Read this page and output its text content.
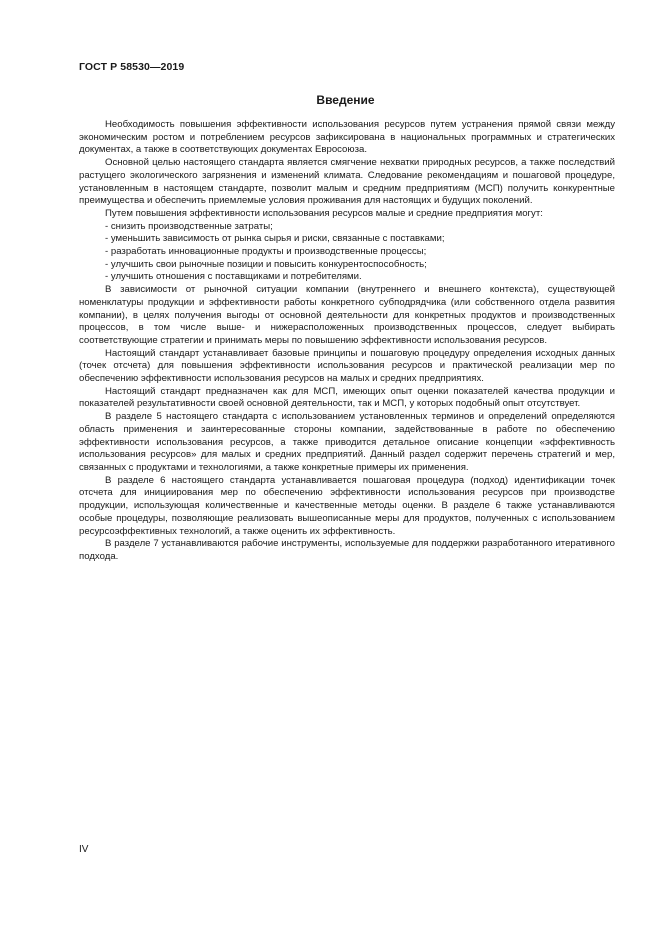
ГОСТ Р 58530—2019
Введение

Необходимость повышения эффективности использования ресурсов путем устранения прямой связи между экономическим ростом и потреблением ресурсов зафиксирована в национальных программных и стратегических документах, а также в соответствующих документах Евросоюза.

Основной целью настоящего стандарта является смягчение нехватки природных ресурсов, а также последствий растущего экологического загрязнения и изменений климата. Следование рекомендациям и пошаговой процедуре, установленным в настоящем стандарте, позволит малым и средним предприятиям (МСП) получить конкурентные преимущества и обеспечить приемлемые условия проживания для настоящих и будущих поколений.

Путем повышения эффективности использования ресурсов малые и средние предприятия могут:

- снизить производственные затраты;
- уменьшить зависимость от рынка сырья и риски, связанные с поставками;
- разработать инновационные продукты и производственные процессы;
- улучшить свои рыночные позиции и повысить конкурентоспособность;
- улучшить отношения с поставщиками и потребителями.

В зависимости от рыночной ситуации компании (внутреннего и внешнего контекста), существующей номенклатуры продукции и эффективности работы конкретного субподрядчика (или собственного отдела развития компании), в целях получения выгоды от основной деятельности для конкретных продуктов и производственных процессов, в том числе выше- и нижерасположенных производственных процессов, следует выбирать соответствующие стратегии и принимать меры по повышению эффективности использования ресурсов.

Настоящий стандарт устанавливает базовые принципы и пошаговую процедуру определения исходных данных (точек отсчета) для повышения эффективности использования ресурсов и практической реализации мер по обеспечению эффективности использования ресурсов на малых и средних предприятиях.

Настоящий стандарт предназначен как для МСП, имеющих опыт оценки показателей качества продукции и показателей результативности своей основной деятельности, так и МСП, у которых подобный опыт отсутствует.

В разделе 5 настоящего стандарта с использованием установленных терминов и определений определяются область применения и заинтересованные стороны компании, задействованные в работе по обеспечению эффективности использования ресурсов, а также приводится детальное описание концепции «эффективность использования ресурсов» для малых и средних предприятий. Данный раздел содержит перечень стратегий и мер, связанных с продуктами и технологиями, а также конкретные примеры их применения.

В разделе 6 настоящего стандарта устанавливается пошаговая процедура (подход) идентификации точек отсчета для инициирования мер по обеспечению эффективности использования ресурсов при производстве продукции, использующая количественные и качественные методы оценки. В разделе 6 также устанавливаются особые процедуры, позволяющие реализовать вышеописанные меры для продуктов, полученных с использованием ресурсоэффективных технологий, а также оценить их эффективность.

В разделе 7 устанавливаются рабочие инструменты, используемые для поддержки разработанного итеративного подхода.

IV
